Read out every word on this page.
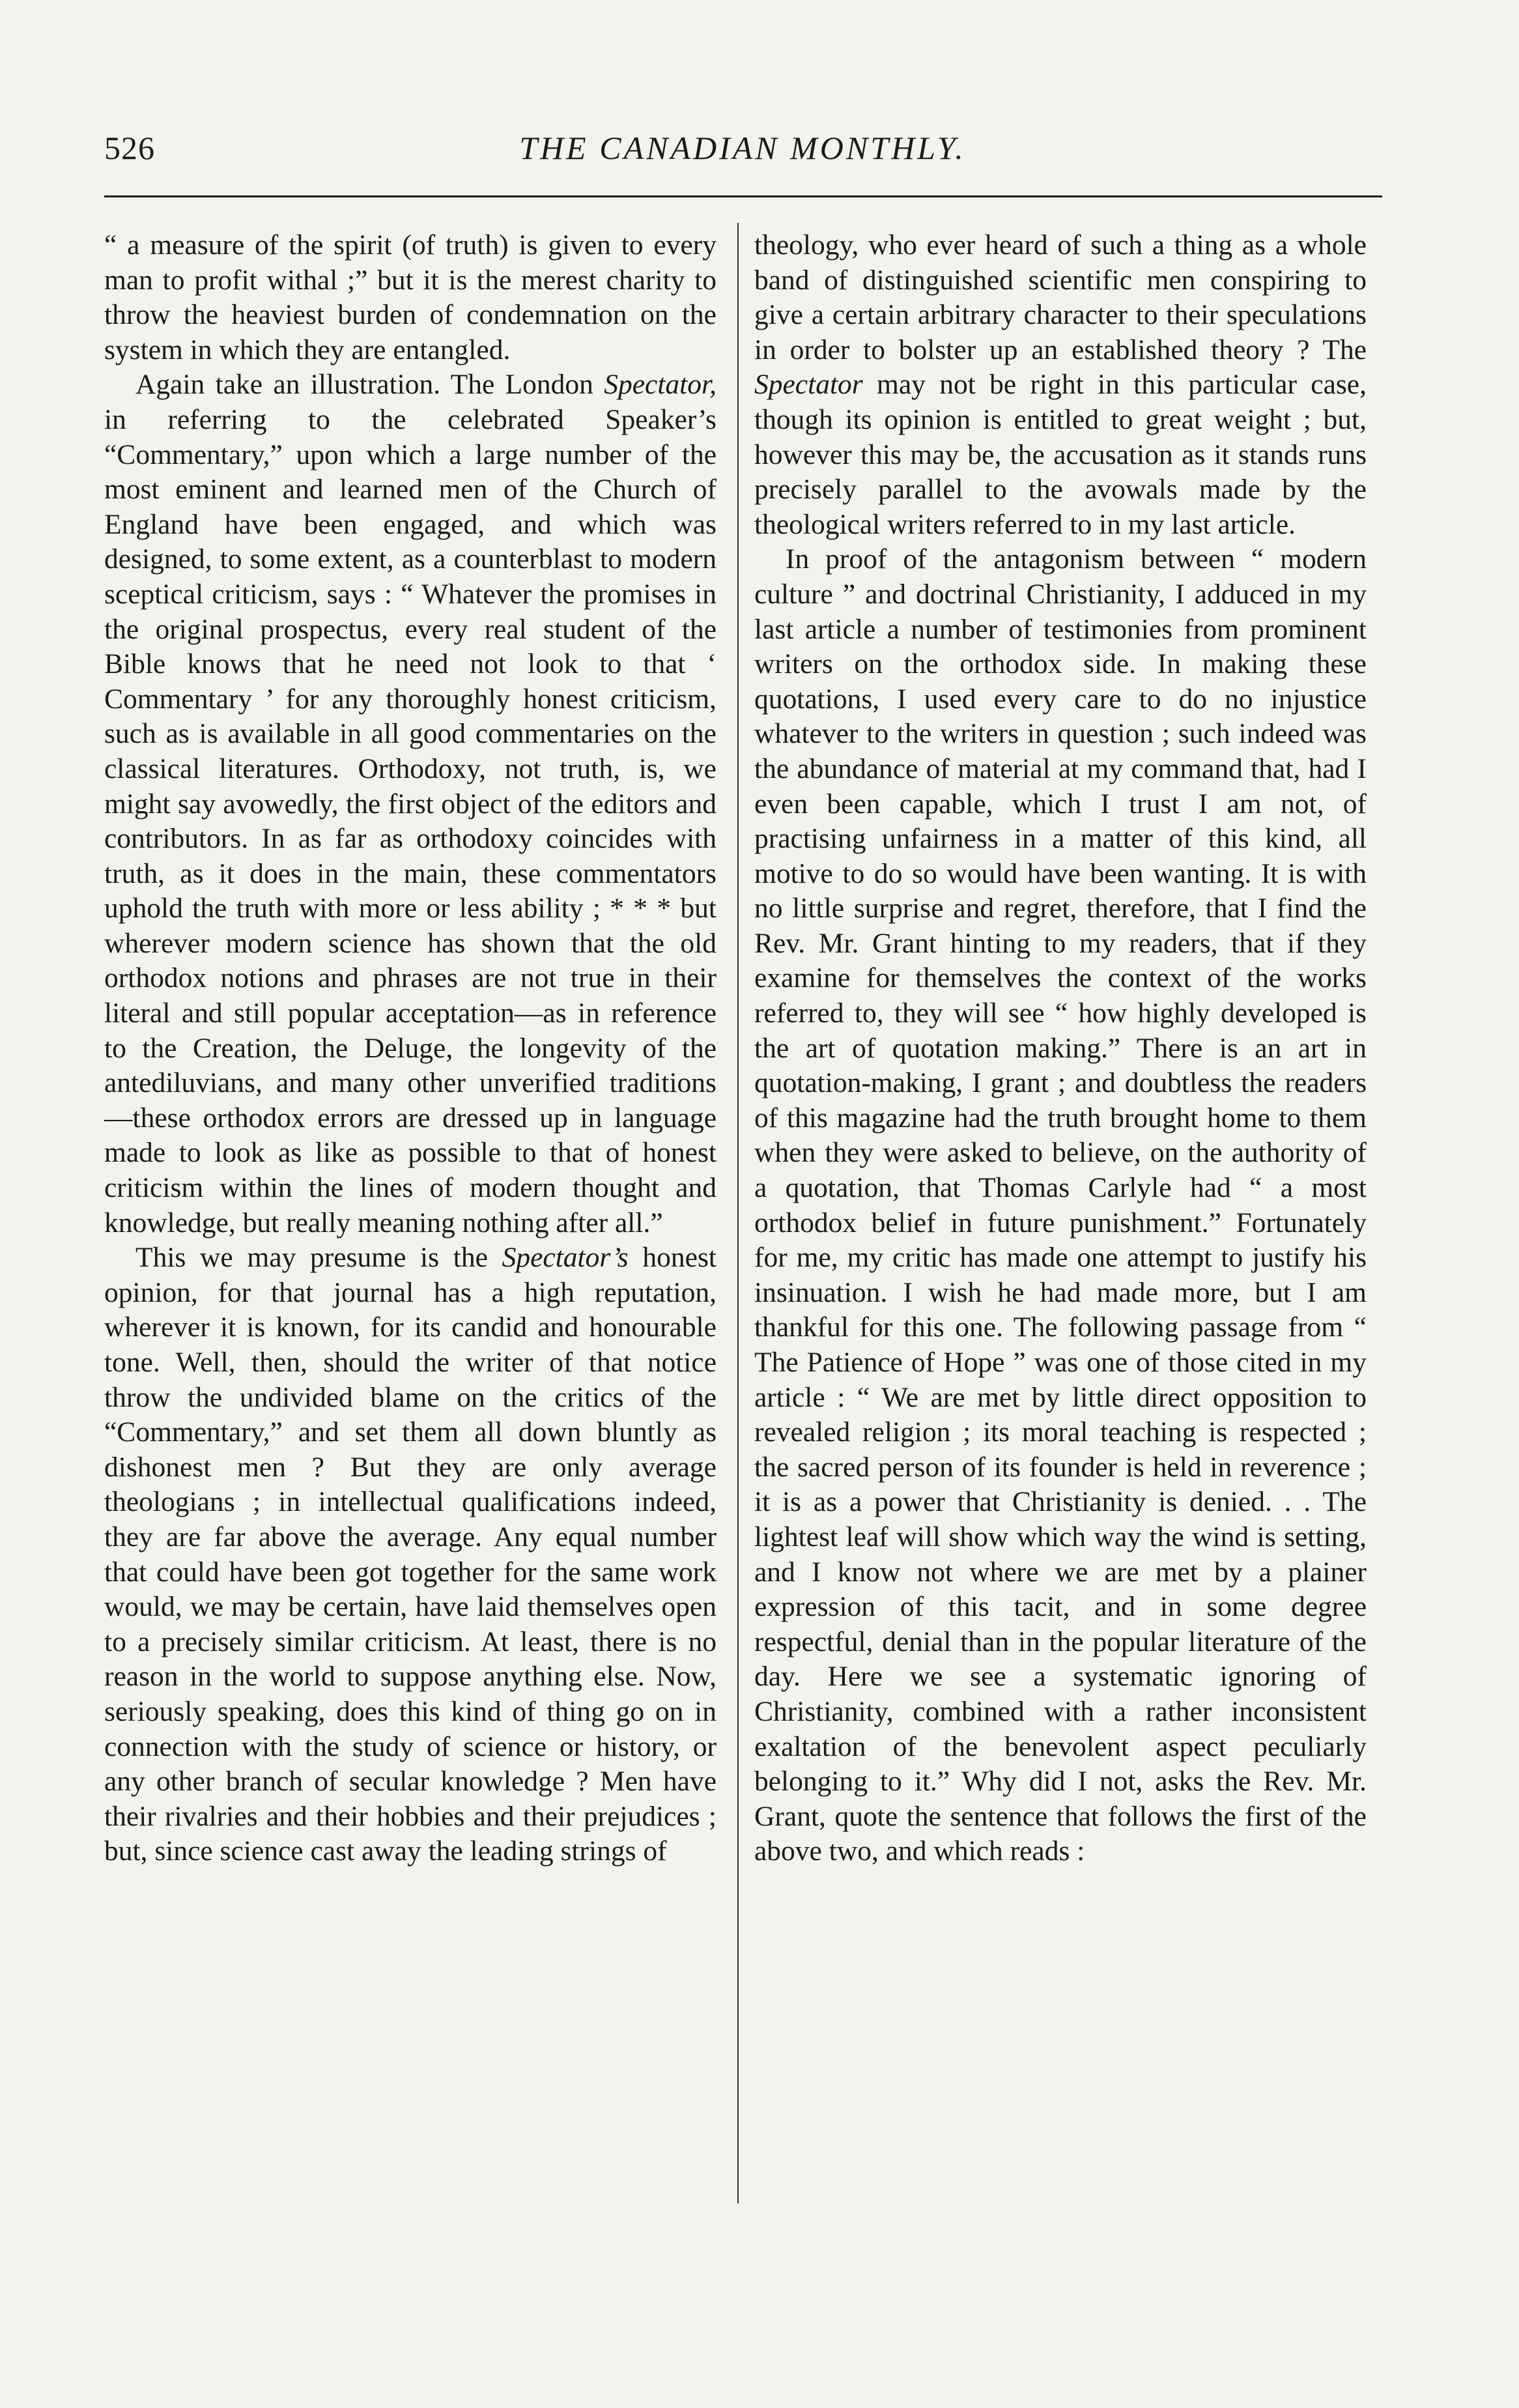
526	THE CANADIAN MONTHLY.

“ a measure of the spirit (of truth) is given to every man to profit withal ;” but it is the merest charity to throw the heaviest burden of condemnation on the system in which they are entangled.

Again take an illustration. The London Spectator, in referring to the celebrated Speaker’s “Commentary,” upon which a large number of the most eminent and learned men of the Church of England have been engaged, and which was designed, to some extent, as a counterblast to modern sceptical criticism, says : “ Whatever the promises in the original prospectus, every real student of the Bible knows that he need not look to that ‘ Commentary ’ for any thoroughly honest criticism, such as is available in all good commentaries on the classical literatures. Orthodoxy, not truth, is, we might say avowedly, the first object of the editors and contributors. In as far as orthodoxy coincides with truth, as it does in the main, these commentators uphold the truth with more or less ability ; * * * but wherever modern science has shown that the old orthodox notions and phrases are not true in their literal and still popular acceptation—as in reference to the Creation, the Deluge, the longevity of the antediluvians, and many other unverified traditions —these orthodox errors are dressed up in language made to look as like as possible to that of honest criticism within the lines of modern thought and knowledge, but really meaning nothing after all.”

This we may presume is the Spectator’s honest opinion, for that journal has a high reputation, wherever it is known, for its candid and honourable tone. Well, then, should the writer of that notice throw the undivided blame on the critics of the “Commentary,” and set them all down bluntly as dishonest men ? But they are only average theologians ; in intellectual qualifications indeed, they are far above the average. Any equal number that could have been got together for the same work would, we may be certain, have laid themselves open to a precisely similar criticism. At least, there is no reason in the world to suppose anything else. Now, seriously speaking, does this kind of thing go on in connection with the study of science or history, or any other branch of secular knowledge ? Men have their rivalries and their hobbies and their prejudices ; but, since science cast away the leading strings of

theology, who ever heard of such a thing as a whole band of distinguished scientific men conspiring to give a certain arbitrary character to their speculations in order to bolster up an established theory ? The Spectator may not be right in this particular case, though its opinion is entitled to great weight ; but, however this may be, the accusation as it stands runs precisely parallel to the avowals made by the theological writers referred to in my last article.

In proof of the antagonism between “ modern culture ” and doctrinal Christianity, I adduced in my last article a number of testimonies from prominent writers on the orthodox side. In making these quotations, I used every care to do no injustice whatever to the writers in question ; such indeed was the abundance of material at my command that, had I even been capable, which I trust I am not, of practising unfairness in a matter of this kind, all motive to do so would have been wanting. It is with no little surprise and regret, therefore, that I find the Rev. Mr. Grant hinting to my readers, that if they examine for themselves the context of the works referred to, they will see “ how highly developed is the art of quotation making.” There is an art in quotation-making, I grant ; and doubtless the readers of this magazine had the truth brought home to them when they were asked to believe, on the authority of a quotation, that Thomas Carlyle had “ a most orthodox belief in future punishment.” Fortunately for me, my critic has made one attempt to justify his insinuation. I wish he had made more, but I am thankful for this one. The following passage from “ The Patience of Hope ” was one of those cited in my article : “ We are met by little direct opposition to revealed religion ; its moral teaching is respected ; the sacred person of its founder is held in reverence ; it is as a power that Christianity is denied. . . The lightest leaf will show which way the wind is setting, and I know not where we are met by a plainer expression of this tacit, and in some degree respectful, denial than in the popular literature of the day. Here we see a systematic ignoring of Christianity, combined with a rather inconsistent exaltation of the benevolent aspect peculiarly belonging to it.” Why did I not, asks the Rev. Mr. Grant, quote the sentence that follows the first of the above two, and which reads :
